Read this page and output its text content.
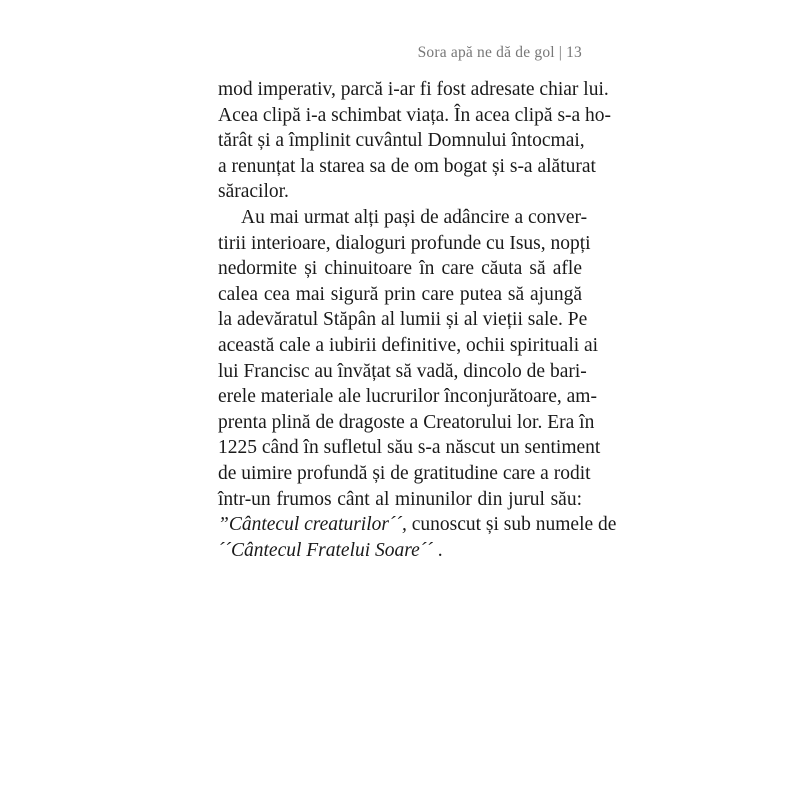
Sora apă ne dă de gol | 13

mod imperativ, parcă i-ar fi fost adresate chiar lui.
Acea clipă i-a schimbat viața. În acea clipă s-a ho-
tărât și a împlinit cuvântul Domnului întocmai,
a renunțat la starea sa de om bogat și s-a alăturat
săracilor.

Au mai urmat alți pași de adâncire a conver-
tirii interioare, dialoguri profunde cu Isus, nopți
nedormite și chinuitoare în care căuta să afle
calea cea mai sigură prin care putea să ajungă
la adevăratul Stăpân al lumii și al vieții sale. Pe
această cale a iubirii definitive, ochii spirituali ai
lui Francisc au învățat să vadă, dincolo de bari-
erele materiale ale lucrurilor înconjurătoare, am-
prenta plină de dragoste a Creatorului lor. Era în
1225 când în sufletul său s-a născut un sentiment
de uimire profundă și de gratitudine care a rodit
într-un frumos cânt al minunilor din jurul său:
”Cântecul creaturilor´´, cunoscut și sub numele de
´´Cântecul Fratelui Soare´´ .
